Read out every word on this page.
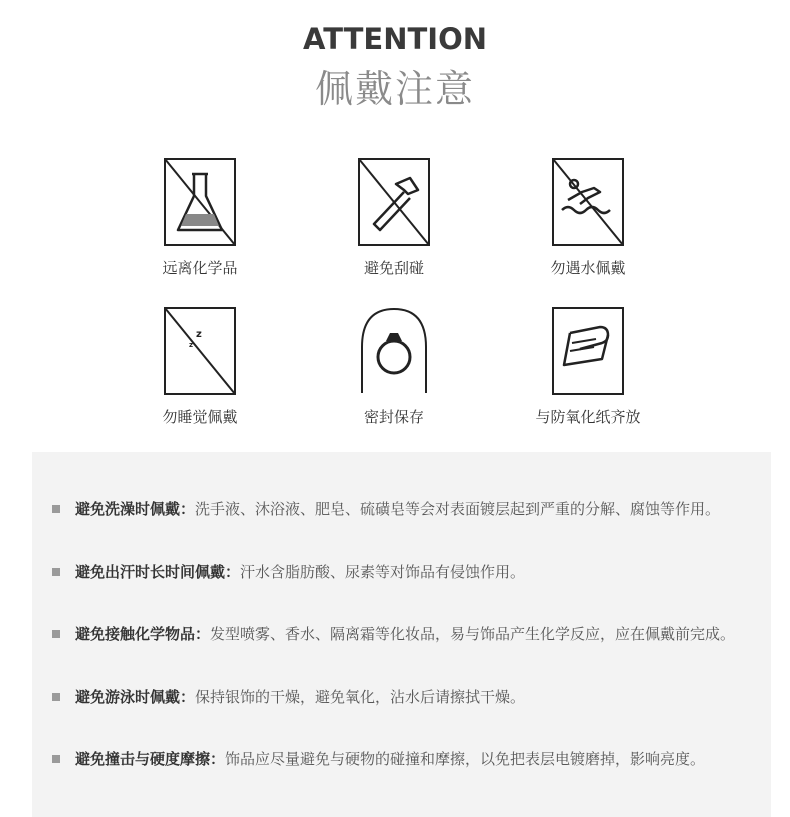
ATTENTION
佩戴注意
远离化学品	避免刮碰	勿遇水佩戴
z
z
勿睡觉佩戴	密封保存	与防氧化纸齐放
避免洗澡时佩戴：洗手液、沐浴液、肥皂、硫磺皂等会对表面镀层起到严重的分解、腐蚀等作用。
避免出汗时长时间佩戴：汗水含脂肪酸、尿素等对饰品有侵蚀作用。
避免接触化学物品：发型喷雾、香水、隔离霜等化妆品，易与饰品产生化学反应，应在佩戴前完成。
避免游泳时佩戴：保持银饰的干燥，避免氧化，沾水后请擦拭干燥。
避免撞击与硬度摩擦：饰品应尽量避免与硬物的碰撞和摩擦，以免把表层电镀磨掉，影响亮度。
